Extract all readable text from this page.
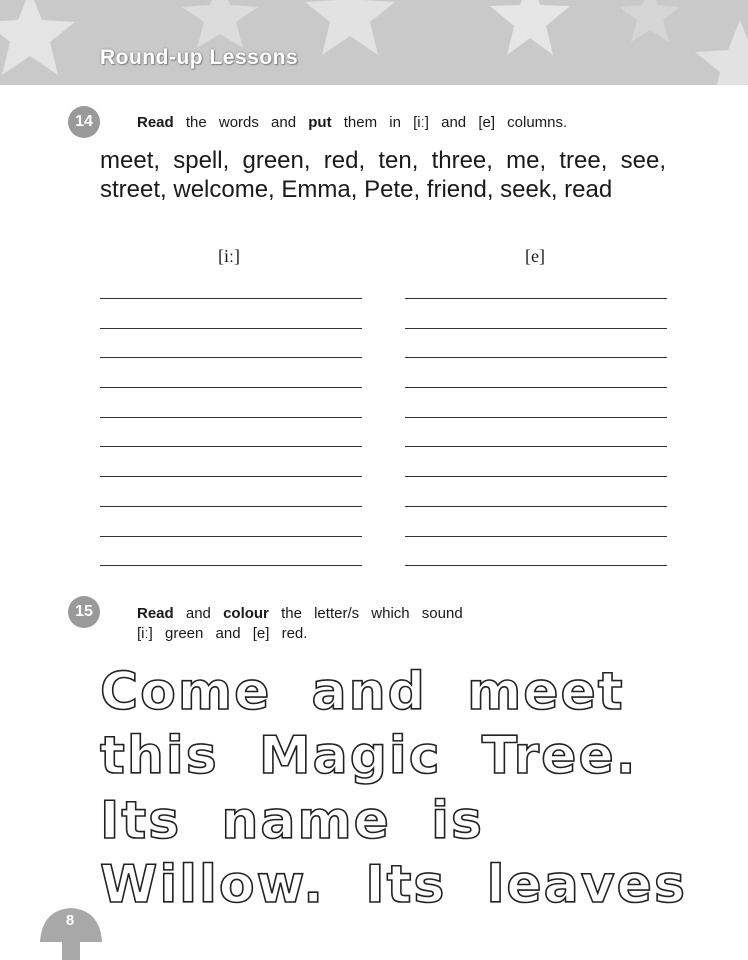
Round-up Lessons
14	Read the words and put them in [iː] and [e] columns.
meet, spell, green, red, ten, three, me, tree, see, street, welcome, Emma, Pete, friend, seek, read
[iː]	[e]
15	Read and colour the letter/s which sound
[iː] green and [e] red.
Come  and  meet
this  Magic  Tree.
Its  name  is
Willow.  Its  leaves
8
